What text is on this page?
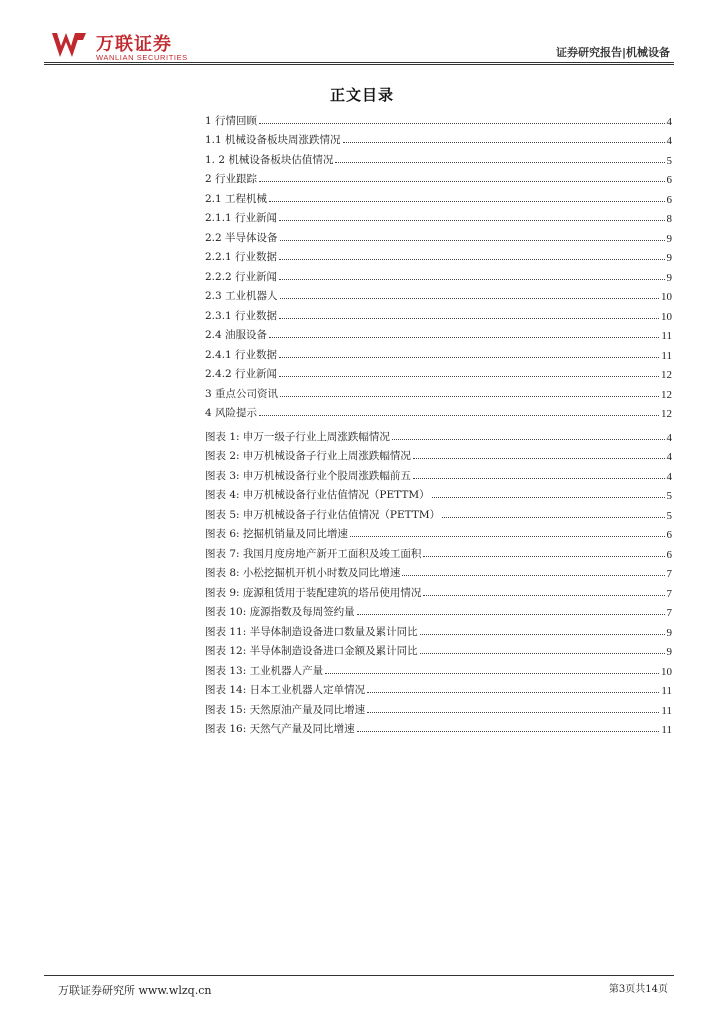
万联证券
WANLIAN SECURITIES	证券研究报告|机械设备
正文目录
1 行情回顾	4
1.1 机械设备板块周涨跌情况	4
1. 2 机械设备板块估值情况	5
2 行业跟踪	6
2.1 工程机械	6
2.1.1 行业新闻	8
2.2 半导体设备	9
2.2.1 行业数据	9
2.2.2 行业新闻	9
2.3 工业机器人	10
2.3.1 行业数据	10
2.4 油服设备	11
2.4.1 行业数据	11
2.4.2 行业新闻	12
3 重点公司资讯	12
4 风险提示	12
图表 1: 申万一级子行业上周涨跌幅情况	4
图表 2: 申万机械设备子行业上周涨跌幅情况	4
图表 3: 申万机械设备行业个股周涨跌幅前五	4
图表 4: 申万机械设备行业估值情况（PETTM）	5
图表 5: 申万机械设备子行业估值情况（PETTM）	5
图表 6: 挖掘机销量及同比增速	6
图表 7: 我国月度房地产新开工面积及竣工面积	6
图表 8: 小松挖掘机开机小时数及同比增速	7
图表 9: 庞源租赁用于装配建筑的塔吊使用情况	7
图表 10: 庞源指数及每周签约量	7
图表 11: 半导体制造设备进口数量及累计同比	9
图表 12: 半导体制造设备进口金额及累计同比	9
图表 13: 工业机器人产量	10
图表 14: 日本工业机器人定单情况	11
图表 15: 天然原油产量及同比增速	11
图表 16: 天然气产量及同比增速	11
万联证券研究所 www.wlzq.cn	第3页共14页
